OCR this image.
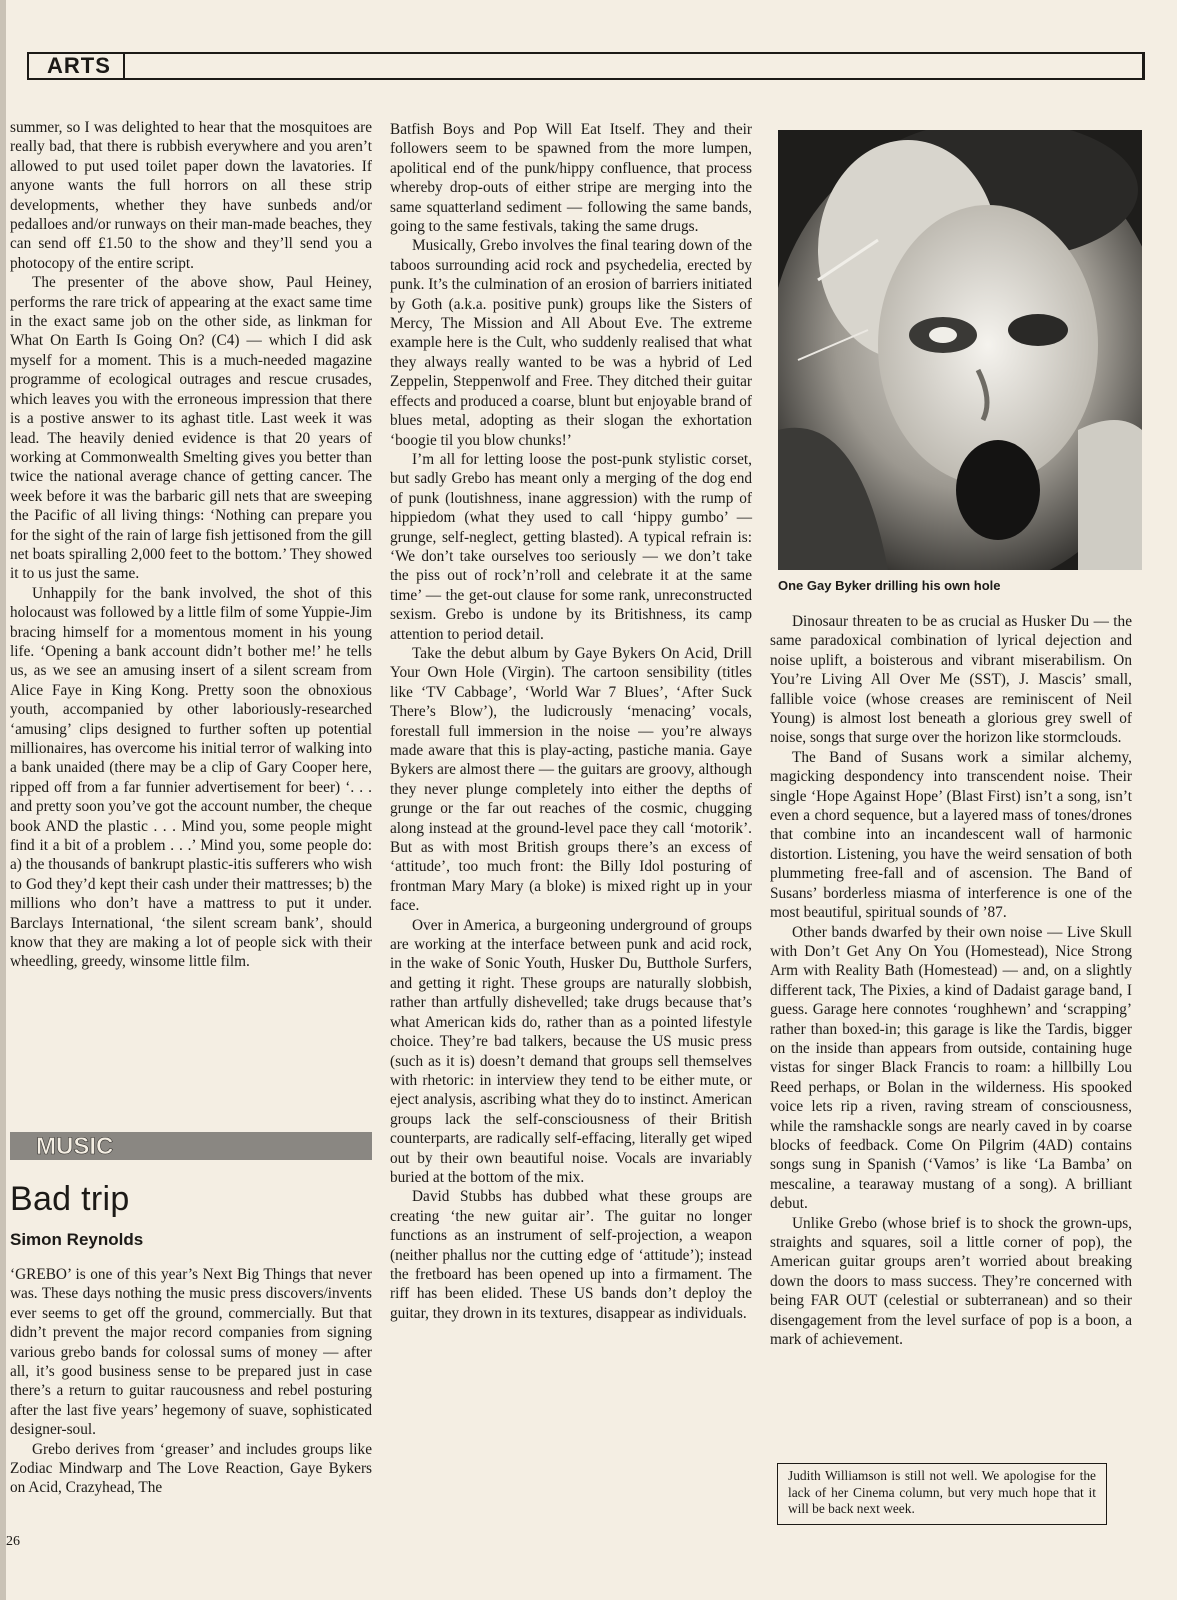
ARTS

summer, so I was delighted to hear that the mosquitoes are really bad, that there is rubbish everywhere and you aren’t allowed to put used toilet paper down the lavatories. If anyone wants the full horrors on all these strip developments, whether they have sunbeds and/or pedalloes and/or runways on their man-made beaches, they can send off £1.50 to the show and they’ll send you a photocopy of the entire script.

The presenter of the above show, Paul Heiney, performs the rare trick of appearing at the exact same time in the exact same job on the other side, as linkman for What On Earth Is Going On? (C4) — which I did ask myself for a moment. This is a much-needed magazine programme of ecological outrages and rescue crusades, which leaves you with the erroneous impression that there is a postive answer to its aghast title. Last week it was lead. The heavily denied evidence is that 20 years of working at Commonwealth Smelting gives you better than twice the national average chance of getting cancer. The week before it was the barbaric gill nets that are sweeping the Pacific of all living things: ‘Nothing can prepare you for the sight of the rain of large fish jettisoned from the gill net boats spiralling 2,000 feet to the bottom.’ They showed it to us just the same.

Unhappily for the bank involved, the shot of this holocaust was followed by a little film of some Yuppie-Jim bracing himself for a momentous moment in his young life. ‘Opening a bank account didn’t bother me!’ he tells us, as we see an amusing insert of a silent scream from Alice Faye in King Kong. Pretty soon the obnoxious youth, accompanied by other laboriously-researched ‘amusing’ clips designed to further soften up potential millionaires, has overcome his initial terror of walking into a bank unaided (there may be a clip of Gary Cooper here, ripped off from a far funnier advertisement for beer) ‘. . . and pretty soon you’ve got the account number, the cheque book AND the plastic . . . Mind you, some people might find it a bit of a problem . . .’ Mind you, some people do: a) the thousands of bankrupt plastic-itis sufferers who wish to God they’d kept their cash under their mattresses; b) the millions who don’t have a mattress to put it under. Barclays International, ‘the silent scream bank’, should know that they are making a lot of people sick with their wheedling, greedy, winsome little film.

MUSIC
Bad trip
Simon Reynolds

‘GREBO’ is one of this year’s Next Big Things that never was. These days nothing the music press discovers/invents ever seems to get off the ground, commercially. But that didn’t prevent the major record companies from signing various grebo bands for colossal sums of money — after all, it’s good business sense to be prepared just in case there’s a return to guitar raucousness and rebel posturing after the last five years’ hegemony of suave, sophisticated designer-soul.

Grebo derives from ‘greaser’ and includes groups like Zodiac Mindwarp and The Love Reaction, Gaye Bykers on Acid, Crazyhead, The

Batfish Boys and Pop Will Eat Itself. They and their followers seem to be spawned from the more lumpen, apolitical end of the punk/hippy confluence, that process whereby drop-outs of either stripe are merging into the same squatterland sediment — following the same bands, going to the same festivals, taking the same drugs.

Musically, Grebo involves the final tearing down of the taboos surrounding acid rock and psychedelia, erected by punk. It’s the culmination of an erosion of barriers initiated by Goth (a.k.a. positive punk) groups like the Sisters of Mercy, The Mission and All About Eve. The extreme example here is the Cult, who suddenly realised that what they always really wanted to be was a hybrid of Led Zeppelin, Steppenwolf and Free. They ditched their guitar effects and produced a coarse, blunt but enjoyable brand of blues metal, adopting as their slogan the exhortation ‘boogie til you blow chunks!’

I’m all for letting loose the post-punk stylistic corset, but sadly Grebo has meant only a merging of the dog end of punk (loutishness, inane aggression) with the rump of hippiedom (what they used to call ‘hippy gumbo’ — grunge, self-neglect, getting blasted). A typical refrain is: ‘We don’t take ourselves too seriously — we don’t take the piss out of rock’n’roll and celebrate it at the same time’ — the get-out clause for some rank, unreconstructed sexism. Grebo is undone by its Britishness, its camp attention to period detail.

Take the debut album by Gaye Bykers On Acid, Drill Your Own Hole (Virgin). The cartoon sensibility (titles like ‘TV Cabbage’, ‘World War 7 Blues’, ‘After Suck There’s Blow’), the ludicrously ‘menacing’ vocals, forestall full immersion in the noise — you’re always made aware that this is play-acting, pastiche mania. Gaye Bykers are almost there — the guitars are groovy, although they never plunge completely into either the depths of grunge or the far out reaches of the cosmic, chugging along instead at the ground-level pace they call ‘motorik’. But as with most British groups there’s an excess of ‘attitude’, too much front: the Billy Idol posturing of frontman Mary Mary (a bloke) is mixed right up in your face.

Over in America, a burgeoning underground of groups are working at the interface between punk and acid rock, in the wake of Sonic Youth, Husker Du, Butthole Surfers, and getting it right. These groups are naturally slobbish, rather than artfully dishevelled; take drugs because that’s what American kids do, rather than as a pointed lifestyle choice. They’re bad talkers, because the US music press (such as it is) doesn’t demand that groups sell themselves with rhetoric: in interview they tend to be either mute, or eject analysis, ascribing what they do to instinct. American groups lack the self-consciousness of their British counterparts, are radically self-effacing, literally get wiped out by their own beautiful noise. Vocals are invariably buried at the bottom of the mix.

David Stubbs has dubbed what these groups are creating ‘the new guitar air’. The guitar no longer functions as an instrument of self-projection, a weapon (neither phallus nor the cutting edge of ‘attitude’); instead the fretboard has been opened up into a firmament. The riff has been elided. These US bands don’t deploy the guitar, they drown in its textures, disappear as individuals.

One Gay Byker drilling his own hole

Dinosaur threaten to be as crucial as Husker Du — the same paradoxical combination of lyrical dejection and noise uplift, a boisterous and vibrant miserabilism. On You’re Living All Over Me (SST), J. Mascis’ small, fallible voice (whose creases are reminiscent of Neil Young) is almost lost beneath a glorious grey swell of noise, songs that surge over the horizon like stormclouds.

The Band of Susans work a similar alchemy, magicking despondency into transcendent noise. Their single ‘Hope Against Hope’ (Blast First) isn’t a song, isn’t even a chord sequence, but a layered mass of tones/drones that combine into an incandescent wall of harmonic distortion. Listening, you have the weird sensation of both plummeting free-fall and of ascension. The Band of Susans’ borderless miasma of interference is one of the most beautiful, spiritual sounds of ’87.

Other bands dwarfed by their own noise — Live Skull with Don’t Get Any On You (Homestead), Nice Strong Arm with Reality Bath (Homestead) — and, on a slightly different tack, The Pixies, a kind of Dadaist garage band, I guess. Garage here connotes ‘roughhewn’ and ‘scrapping’ rather than boxed-in; this garage is like the Tardis, bigger on the inside than appears from outside, containing huge vistas for singer Black Francis to roam: a hillbilly Lou Reed perhaps, or Bolan in the wilderness. His spooked voice lets rip a riven, raving stream of consciousness, while the ramshackle songs are nearly caved in by coarse blocks of feedback. Come On Pilgrim (4AD) contains songs sung in Spanish (‘Vamos’ is like ‘La Bamba’ on mescaline, a tearaway mustang of a song). A brilliant debut.

Unlike Grebo (whose brief is to shock the grown-ups, straights and squares, soil a little corner of pop), the American guitar groups aren’t worried about breaking down the doors to mass success. They’re concerned with being FAR OUT (celestial or subterranean) and so their disengagement from the level surface of pop is a boon, a mark of achievement.

Judith Williamson is still not well. We apologise for the lack of her Cinema column, but very much hope that it will be back next week.
26
